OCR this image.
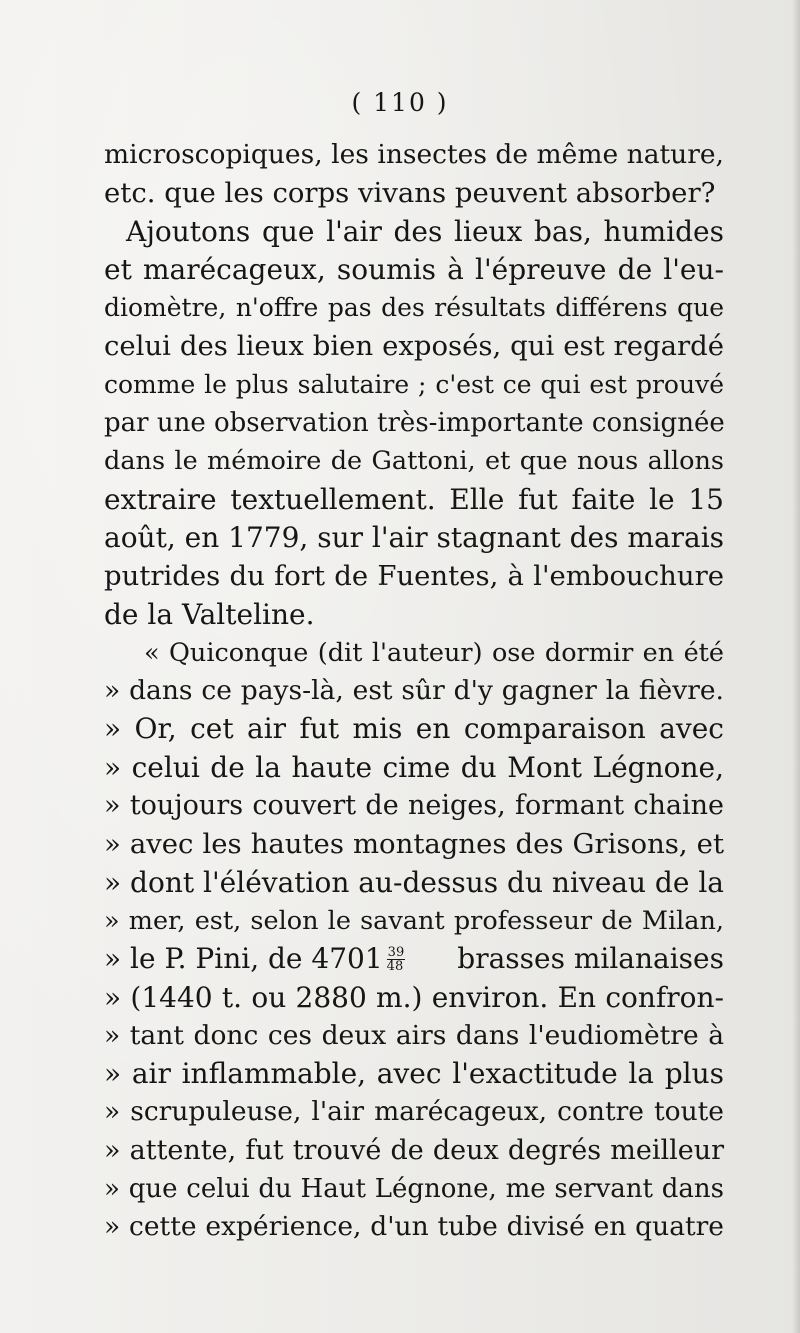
( 110 )
microscopiques, les insectes de même nature,
etc. que les corps vivans peuvent absorber?
Ajoutons que l'air des lieux bas, humides
et marécageux, soumis à l'épreuve de l'eu-
diomètre, n'offre pas des résultats différens que
celui des lieux bien exposés, qui est regardé
comme le plus salutaire ; c'est ce qui est prouvé
par une observation très-importante consignée
dans le mémoire de Gattoni, et que nous allons
extraire textuellement. Elle fut faite le 15
août, en 1779, sur l'air stagnant des marais
putrides du fort de Fuentes, à l'embouchure
de la Valteline.
« Quiconque (dit l'auteur) ose dormir en été
» dans ce pays-là, est sûr d'y gagner la fièvre.
» Or, cet air fut mis en comparaison avec
» celui de la haute cime du Mont Légnone,
» toujours couvert de neiges, formant chaine
» avec les hautes montagnes des Grisons, et
» dont l'élévation au-dessus du niveau de la
» mer, est, selon le savant professeur de Milan,
» le P. Pini, de $4701 \frac{39}{48}$ brasses milanaises
» (1440 t. ou 2880 m.) environ. En confron-
» tant donc ces deux airs dans l'eudiomètre à
» air inflammable, avec l'exactitude la plus
» scrupuleuse, l'air marécageux, contre toute
» attente, fut trouvé de deux degrés meilleur
» que celui du Haut Légnone, me servant dans
» cette expérience, d'un tube divisé en quatre
